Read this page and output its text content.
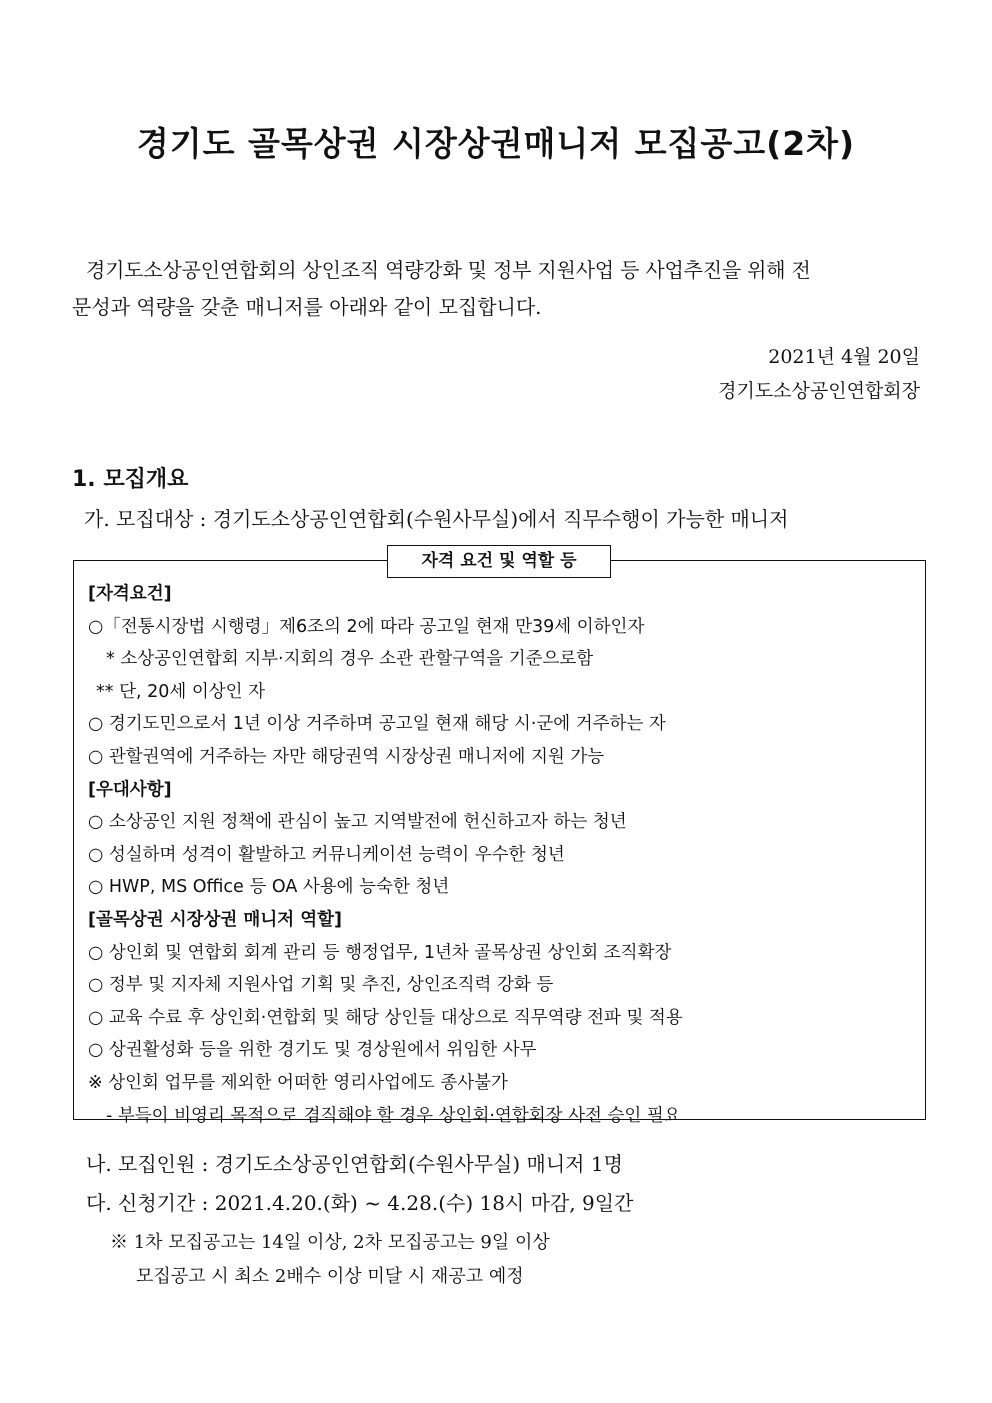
경기도 골목상권 시장상권매니저 모집공고(2차)
경기도소상공인연합회의 상인조직 역량강화 및 정부 지원사업 등 사업추진을 위해 전
문성과 역량을 갖춘 매니저를 아래와 같이 모집합니다.
2021년 4월 20일
경기도소상공인연합회장
1. 모집개요
가. 모집대상 : 경기도소상공인연합회(수원사무실)에서 직무수행이 가능한 매니저
자격 요건 및 역할 등
[자격요건]
○「전통시장법 시행령」제6조의 2에 따라 공고일 현재 만39세 이하인자
* 소상공인연합회 지부·지회의 경우 소관 관할구역을 기준으로함
** 단, 20세 이상인 자
○ 경기도민으로서 1년 이상 거주하며 공고일 현재 해당 시·군에 거주하는 자
○ 관할권역에 거주하는 자만 해당권역 시장상권 매니저에 지원 가능
[우대사항]
○ 소상공인 지원 정책에 관심이 높고 지역발전에 헌신하고자 하는 청년
○ 성실하며 성격이 활발하고 커뮤니케이션 능력이 우수한 청년
○ HWP, MS Office 등 OA 사용에 능숙한 청년
[골목상권 시장상권 매니저 역할]
○ 상인회 및 연합회 회계 관리 등 행정업무, 1년차 골목상권 상인회 조직확장
○ 정부 및 지자체 지원사업 기획 및 추진, 상인조직력 강화 등
○ 교육 수료 후 상인회·연합회 및 해당 상인들 대상으로 직무역량 전파 및 적용
○ 상권활성화 등을 위한 경기도 및 경상원에서 위임한 사무
※ 상인회 업무를 제외한 어떠한 영리사업에도 종사불가
- 부득이 비영리 목적으로 겸직해야 할 경우 상인회·연합회장 사전 승인 필요
나. 모집인원 : 경기도소상공인연합회(수원사무실) 매니저 1명
다. 신청기간 : 2021.4.20.(화) ~ 4.28.(수) 18시 마감, 9일간
※ 1차 모집공고는 14일 이상, 2차 모집공고는 9일 이상
모집공고 시 최소 2배수 이상 미달 시 재공고 예정
